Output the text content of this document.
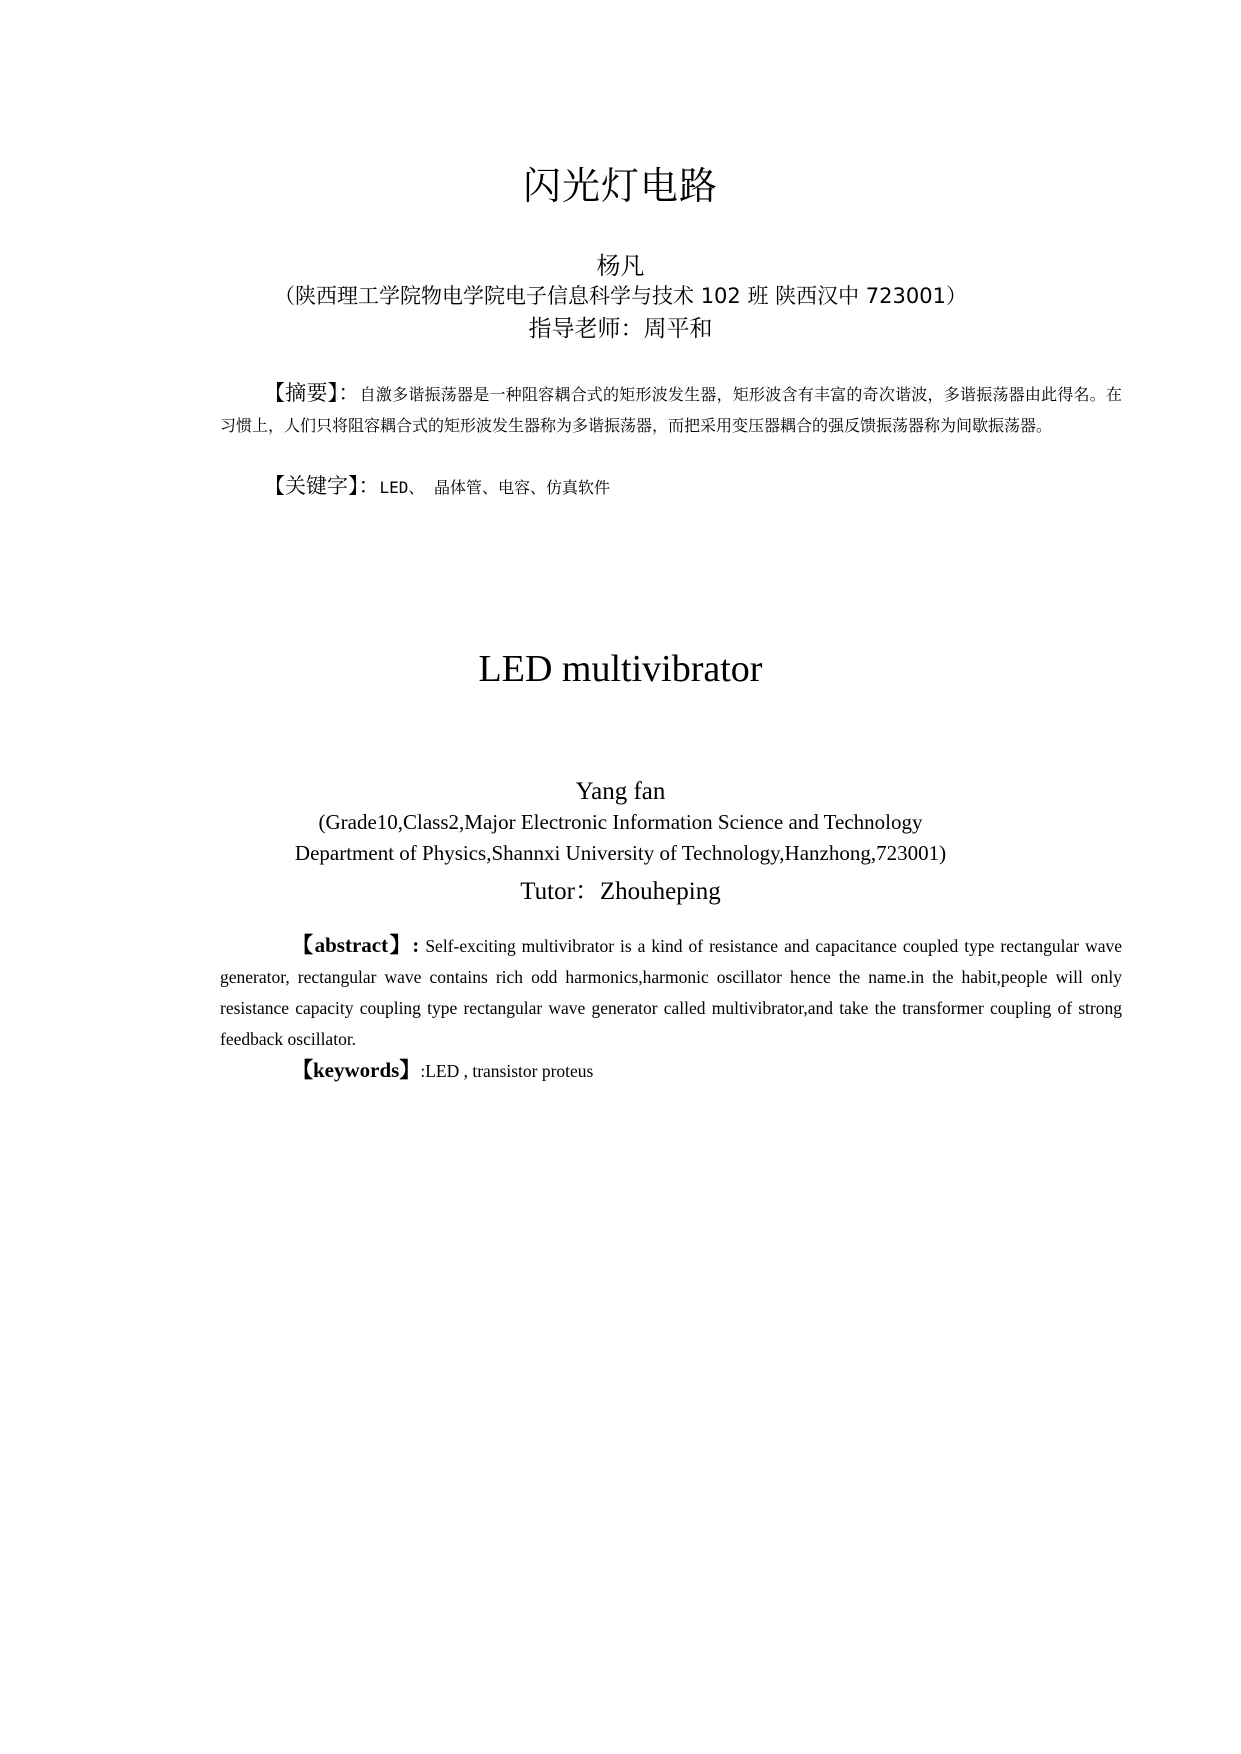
闪光灯电路
杨凡
（陕西理工学院物电学院电子信息科学与技术 102 班 陕西汉中 723001）
指导老师：周平和
【摘要】：自激多谐振荡器是一种阻容耦合式的矩形波发生器，矩形波含有丰富的奇次谐波，多谐振荡器由此得名。在习惯上，人们只将阻容耦合式的矩形波发生器称为多谐振荡器，而把采用变压器耦合的强反馈振荡器称为间歇振荡器。
【关键字】：LED、 晶体管、电容、仿真软件
LED multivibrator
Yang fan
(Grade10,Class2,Major Electronic Information Science and Technology
Department of Physics,Shannxi University of Technology,Hanzhong,723001)
Tutor：Zhouheping
【abstract】: Self-exciting multivibrator is a kind of resistance and capacitance coupled type rectangular wave generator, rectangular wave contains rich odd harmonics,harmonic oscillator hence the name.in the habit,people will only resistance capacity coupling type rectangular wave generator called multivibrator,and take the transformer coupling of strong feedback oscillator.
【keywords】:LED , transistor proteus
